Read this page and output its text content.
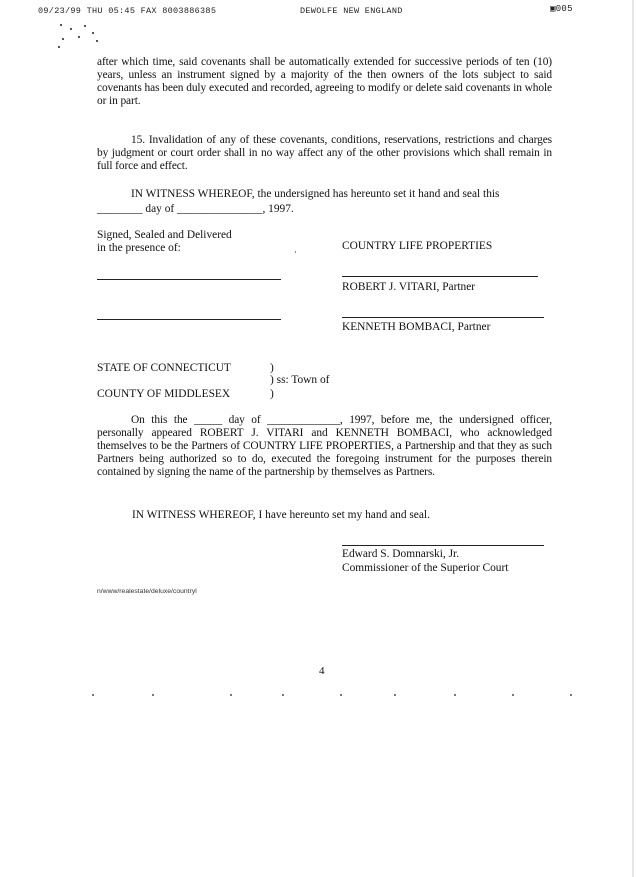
09/23/99 THU 05:45 FAX 8003886385	DEWOLFE NEW ENGLAND	▣005

after which time, said covenants shall be automatically extended for successive periods of ten (10) years, unless an instrument signed by a majority of the then owners of the lots subject to said covenants has been duly executed and recorded, agreeing to modify or delete said covenants in whole or in part.

15. Invalidation of any of these covenants, conditions, reservations, restrictions and charges by judgment or court order shall in no way affect any of the other provisions which shall remain in full force and effect.

IN WITNESS WHEREOF, the undersigned has hereunto set it hand and seal this
________ day of _______________, 1997.
Signed, Sealed and Delivered
in the presence of:	·	COUNTRY LIFE PROPERTIES
ROBERT J. VITARI, Partner
KENNETH BOMBACI, Partner
STATE OF CONNECTICUT	)
) ss: Town of
COUNTY OF MIDDLESEX	)

On this the _____ day of _____________, 1997, before me, the undersigned officer, personally appeared ROBERT J. VITARI and KENNETH BOMBACI, who acknowledged themselves to be the Partners of COUNTRY LIFE PROPERTIES, a Partnership and that they as such Partners being authorized so to do, executed the foregoing instrument for the purposes therein contained by signing the name of the partnership by themselves as Partners.

IN WITNESS WHEREOF, I have hereunto set my hand and seal.
Edward S. Domnarski, Jr.
Commissioner of the Superior Court
n/www/realestate/deluxe/countryl
4
